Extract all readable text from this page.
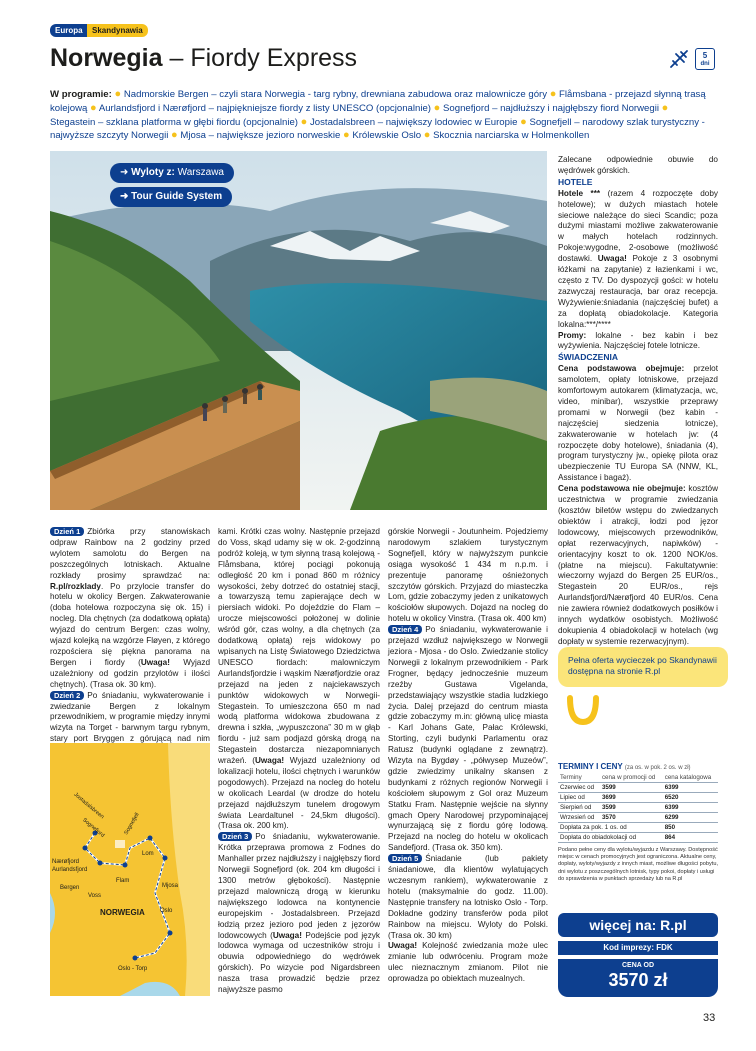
Europa	Skandynawia
Norwegia – Fiordy Express	5
dni
W programie: ● Nadmorskie Bergen – czyli stara Norwegia - targ rybny, drewniana zabudowa oraz malownicze góry ● Flåmsbana - przejazd słynną trasą kolejową ● Aurlandsfjord i Nærøfjord – najpiękniejsze fiordy z listy UNESCO (opcjonalnie) ● Sognefjord – najdłuższy i najgłębszy fiord Norwegii ● Stegastein – szklana platforma w głębi fiordu (opcjonalnie) ● Jostadalsbreen – największy lodowiec w Europie ● Sognefjell – narodowy szlak turystyczny - najwyższe szczyty Norwegii ● Mjosa – największe jezioro norweskie ● Królewskie Oslo ● Skocznia narciarska w Holmenkollen
➜ Wyloty z: Warszawa
➜ Tour Guide System
Dzień 1 Zbiórka przy stanowiskach odpraw Rainbow na 2 godziny przed wylotem samolotu do Bergen na poszczególnych lotniskach. Aktualne rozkłady prosimy sprawdzać na: R.pl/rozklady. Po przylocie transfer do hotelu w okolicy Bergen. Zakwaterowanie (doba hotelowa rozpoczyna się ok. 15) i nocleg. Dla chętnych (za dodatkową opłatą) wyjazd do centrum Bergen: czas wolny, wjazd kolejką na wzgórze Fløyen, z którego rozpościera się piękna panorama na Bergen i fiordy (Uwaga! Wyjazd uzależniony od godzin przylotów i ilości chętnych). (Trasa ok. 30 km).
Dzień 2 Po śniadaniu, wykwaterowanie i zwiedzanie Bergen z lokalnym przewodnikiem, w programie między innymi wizyta na Torget - barwnym targu rybnym, stary port Bryggen z górującą nad nim
NORWEGIA
Jostadalsbreen
Sognefjord	Sognefjell
Nærøfjord
Aurlandsfjord
Flam
Bergen
Voss
Lom
Mjosa
Oslo
Oslo - Torp
kami. Krótki czas wolny. Następnie przejazd do Voss, skąd udamy się w ok. 2-godzinną podróż koleją, w tym słynną trasą kolejową - Flåmsbana, której pociągi pokonują odległość 20 km i ponad 860 m różnicy wysokości, żeby dotrzeć do ostatniej stacji, a towarzyszą temu zapierające dech w piersiach widoki. Po dojeździe do Flam – urocze miejscowości położonej w dolinie wśród gór, czas wolny, a dla chętnych (za dodatkową opłatą) rejs widokowy po wpisanych na Listę Światowego Dziedzictwa UNESCO fiordach: malowniczym Aurlandsfjordzie i wąskim Nærøfjordzie oraz przejazd na jeden z najciekawszych punktów widokowych w Norwegii- Stegastein. To umieszczona 650 m nad wodą platforma widokowa zbudowana z drewna i szkła, „wypuszczona” 30 m w głąb fiordu - już sam podjazd górską drogą na Stegastein dostarcza niezapomnianych wrażeń. (Uwaga! Wyjazd uzależniony od lokalizacji hotelu, ilości chętnych i warunków pogodowych). Przejazd na nocleg do hotelu w okolicach Leardal (w drodze do hotelu przejazd najdłuższym tunelem drogowym świata Leardaltunel - 24,5km długości). (Trasa ok. 200 km).
Dzień 3 Po śniadaniu, wykwaterowanie. Krótka przeprawa promowa z Fodnes do Manhaller przez najdłuższy i najgłębszy fiord Norwegii Sognefjord (ok. 204 km długości i 1300 metrów głębokości). Następnie przejazd malowniczą drogą w kierunku największego lodowca na kontynencie europejskim - Jostadalsbreen. Przejazd łodzią przez jezioro pod jeden z jęzorów lodowcowych (Uwaga! Podejście pod język lodowca wymaga od uczestników stroju i obuwia odpowiedniego do wędrówek górskich). Po wizycie pod Nigardsbreen nasza trasa prowadzić będzie przez najwyższe pasmo
górskie Norwegii - Joutunheim. Pojedziemy narodowym szlakiem turystycznym Sognefjell, który w najwyższym punkcie osiąga wysokość 1 434 m n.p.m. i prezentuje panoramę ośnieżonych szczytów górskich. Przyjazd do miasteczka Lom, gdzie zobaczymy jeden z unikatowych kościołów słupowych. Dojazd na nocleg do hotelu w okolicy Vinstra. (Trasa ok. 400 km)
Dzień 4 Po śniadaniu, wykwaterowanie i przejazd wzdłuż największego w Norwegii jeziora - Mjosa - do Oslo. Zwiedzanie stolicy Norwegii z lokalnym przewodnikiem - Park Frogner, będący jednocześnie muzeum rzeźby Gustawa Vigelanda, przedstawiający wszystkie stadia ludzkiego życia. Dalej przejazd do centrum miasta gdzie zobaczymy m.in: główną ulicę miasta - Karl Johans Gate, Pałac Królewski, Storting, czyli budynki Parlamentu oraz Ratusz (budynki oglądane z zewnątrz). Wizyta na Bygdøy - „półwysep Muzeów”, gdzie zwiedzimy unikalny skansen z budynkami z różnych regionów Norwegii i kościołem słupowym z Gol oraz Muzeum Statku Fram. Następnie wejście na słynny gmach Opery Narodowej przypominającej wynurzającą się z fiordu górę lodową. Przejazd na nocleg do hotelu w okolicach Sandefjord. (Trasa ok. 350 km).
Dzień 5 Śniadanie (lub pakiety śniadaniowe, dla klientów wylatujących wczesnym rankiem), wykwaterowanie z hotelu (maksymalnie do godz. 11.00). Następnie transfery na lotnisko Oslo - Torp. Dokładne godziny transferów poda pilot Rainbow na miejscu. Wyloty do Polski. (Trasa ok. 30 km)
Uwaga! Kolejność zwiedzania może ulec zmianie lub odwróceniu. Program może ulec nieznacznym zmianom. Pilot nie oprowadza po obiektach muzealnych.
Zalecane odpowiednie obuwie do wędrówek górskich.
HOTELE
Hotele *** (razem 4 rozpoczęte doby hotelowe); w dużych miastach hotele sieciowe należące do sieci Scandic; poza dużymi miastami możliwe zakwaterowanie w małych hotelach rodzinnych. Pokoje:wygodne, 2-osobowe (możliwość dostawki. Uwaga! Pokoje z 3 osobnymi łóżkami na zapytanie) z łazienkami i wc, często z TV. Do dyspozycji gości: w hotelu zazwyczaj restauracja, bar oraz recepcja. Wyżywienie:śniadania (najczęściej bufet) a za dopłatą obiadokolacje. Kategoria lokalna:***/****
Promy: lokalne - bez kabin i bez wyżywienia. Najczęściej fotele lotnicze.
ŚWIADCZENIA
Cena podstawowa obejmuje: przelot samolotem, opłaty lotniskowe, przejazd komfortowym autokarem (klimatyzacja, wc, video, minibar), wszystkie przeprawy promami w Norwegii (bez kabin - najczęściej siedzenia lotnicze), zakwaterowanie w hotelach jw: (4 rozpoczęte doby hotelowe), śniadania (4), program turystyczny jw., opiekę pilota oraz ubezpieczenie TU Europa SA (NNW, KL, Assistance i bagaż).
Cena podstawowa nie obejmuje: kosztów uczestnictwa w programie zwiedzania (kosztów biletów wstępu do zwiedzanych obiektów i atrakcji, łodzi pod jęzor lodowcowy, miejscowych przewodników, opłat rezerwacyjnych, napiwków) - orientacyjny koszt to ok. 1200 NOK/os. (płatne na miejscu). Fakultatywnie: wieczorny wyjazd do Bergen 25 EUR/os., Stegastein 20 EUR/os., rejs Aurlandsfjord/Nærøfjord 40 EUR/os. Cena nie zawiera również dodatkowych posiłków i innych wydatków osobistych. Możliwość dokupienia 4 obiadokolacji w hotelach (wg dopłaty w systemie rezerwacyjnym).
Pełna oferta wycieczek po Skandynawii dostępna na stronie R.pl
TERMINY I CENY (za os. w pok. 2 os. w zł)
Terminy	cena w promocji od	cena katalogowa
Czerwiec od	3599	6399
Lipiec od	3699	6520
Sierpień od	3599	6399
Wrzesień od	3570	6299
Dopłata za pok. 1 os. od		850
Dopłata do obiadokolacji od		864
Podano pełne ceny dla wylotu/wyjazdu z Warszawy. Dostępność miejsc w cenach promocyjnych jest ograniczona. Aktualne ceny, dopłaty, wyloty/wyjazdy z innych miast, możliwe długości pobytu, dni wylotu z poszczególnych lotnisk, typy pokoi, dopłaty i usługi do sprawdzenia w punktach sprzedaży lub na R.pl
więcej na: R.pl
Kod imprezy: FDK
CENA OD
3570 zł
33
